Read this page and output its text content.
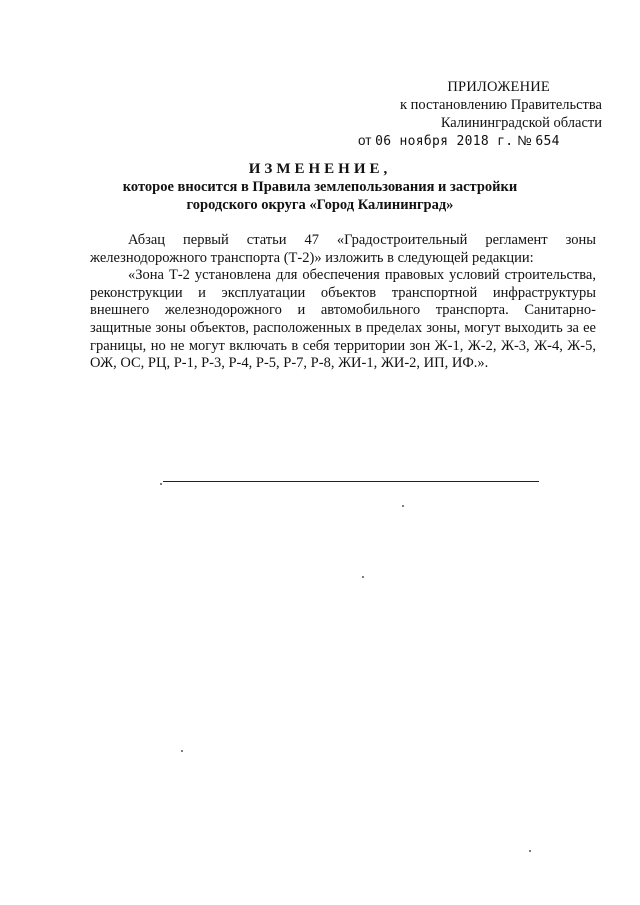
ПРИЛОЖЕНИЕ
к постановлению Правительства
Калининградской области
от 06 ноября 2018 г. № 654
ИЗМЕНЕНИЕ,
которое вносится в Правила землепользования и застройки
городского округа «Город Калининград»

Абзац первый статьи 47 «Градостроительный регламент зоны железнодорожного транспорта (Т-2)» изложить в следующей редакции:

«Зона Т-2 установлена для обеспечения правовых условий строительства, реконструкции и эксплуатации объектов транспортной инфраструктуры внешнего железнодорожного и автомобильного транспорта. Санитарно-защитные зоны объектов, расположенных в пределах зоны, могут выходить за ее границы, но не могут включать в себя территории зон Ж-1, Ж-2, Ж-3, Ж-4, Ж-5, ОЖ, ОС, РЦ, Р-1, Р-3, Р-4, Р-5, Р-7, Р-8, ЖИ-1, ЖИ-2, ИП, ИФ.».
